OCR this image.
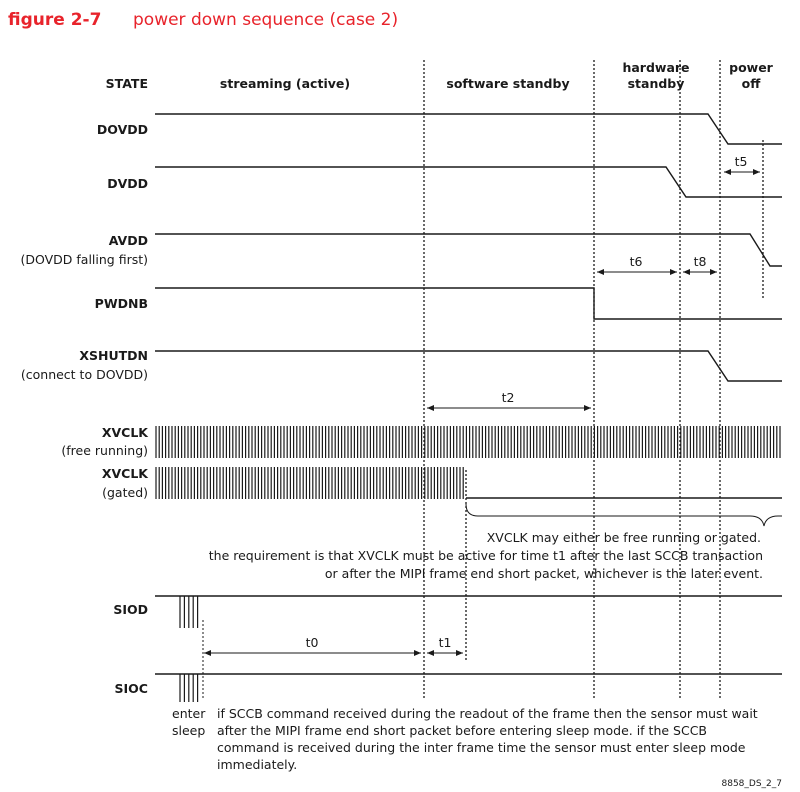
figure 2-7 power down sequence (case 2)
STATE	streaming (active)	software standby
hardware
standby
power
off
DOVDD
DVDD
AVDD
(DOVDD falling first)
PWDNB
XSHUTDN
(connect to DOVDD)
XVCLK
(free running)
XVCLK
(gated)
SIOD
SIOC
t5
t6	t8
t2
t0	t1
XVCLK may either be free running or gated.
the requirement is that XVCLK must be active for time t1 after the last SCCB transaction
or after the MIPI frame end short packet, whichever is the later event.
enter
sleep
if SCCB command received during the readout of the frame then the sensor must wait
after the MIPI frame end short packet before entering sleep mode. if the SCCB
command is received during the inter frame time the sensor must enter sleep mode
immediately.
8858_DS_2_7
